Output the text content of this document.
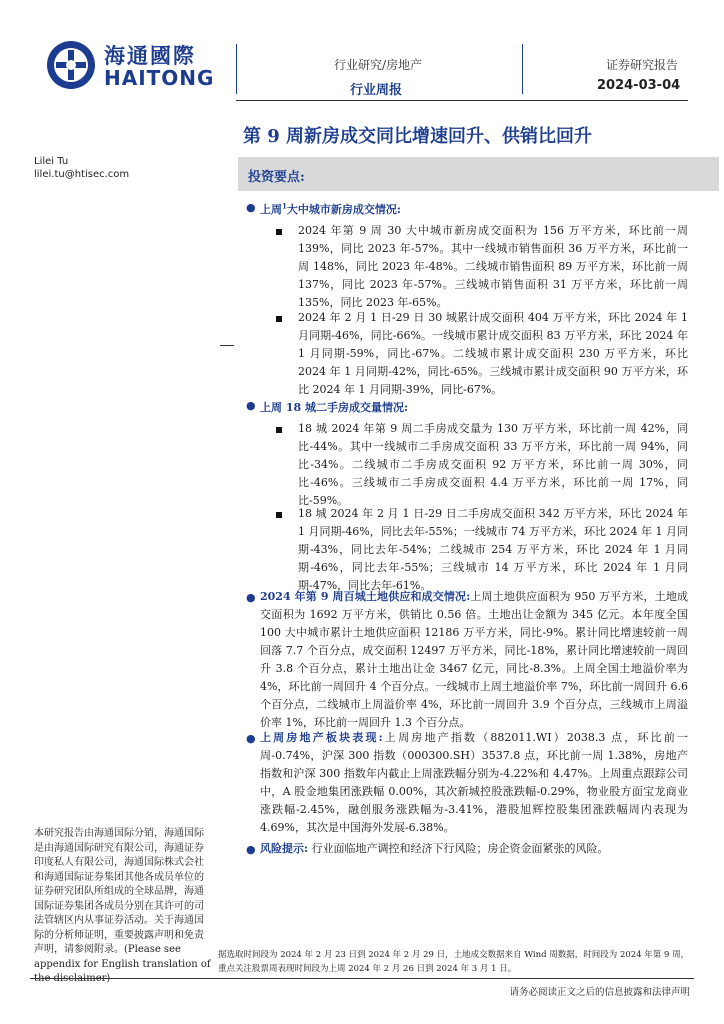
海通國際
HAITONG
行业研究/房地产
行业周报
证券研究报告
2024-03-04
第 9 周新房成交同比增速回升、供销比回升
Lilei Tu
lilei.tu@htisec.com	投资要点:
● 上周$^1$大中城市新房成交情况:
2024 年第 9 周 30 大中城市新房成交面积为 156 万平方米，环比前一周 139%，同比 2023 年-57%。其中一线城市销售面积 36 万平方米，环比前一周 148%，同比 2023 年-48%。二线城市销售面积 89 万平方米，环比前一周 137%，同比 2023 年-57%。三线城市销售面积 31 万平方米，环比前一周 135%，同比 2023 年-65%。
2024 年 2 月 1 日-29 日 30 城累计成交面积 404 万平方米，环比 2024 年 1 月同期-46%，同比-66%。一线城市累计成交面积 83 万平方米，环比 2024 年 1 月同期-59%，同比-67%。二线城市累计成交面积 230 万平方米，环比 2024 年 1 月同期-42%，同比-65%。三线城市累计成交面积 90 万平方米，环比 2024 年 1 月同期-39%，同比-67%。
● 上周 18 城二手房成交量情况:
18 城 2024 年第 9 周二手房成交量为 130 万平方米，环比前一周 42%，同比-44%。其中一线城市二手房成交面积 33 万平方米，环比前一周 94%，同比-34%。二线城市二手房成交面积 92 万平方米，环比前一周 30%，同比-46%。三线城市二手房成交面积 4.4 万平方米，环比前一周 17%，同比-59%。
18 城 2024 年 2 月 1 日-29 日二手房成交面积 342 万平方米，环比 2024 年 1 月同期-46%，同比去年-55%；一线城市 74 万平方米，环比 2024 年 1 月同期-43%，同比去年-54%；二线城市 254 万平方米，环比 2024 年 1 月同期-46%，同比去年-55%；三线城市 14 万平方米，环比 2024 年 1 月同期-47%，同比去年-61%。
● 2024 年第 9 周百城土地供应和成交情况:上周土地供应面积为 950 万平方米，土地成交面积为 1692 万平方米，供销比 0.56 倍。土地出让金额为 345 亿元。本年度全国 100 大中城市累计土地供应面积 12186 万平方米，同比-9%。累计同比增速较前一周回落 7.7 个百分点，成交面积 12497 万平方米，同比-18%，累计同比增速较前一周回升 3.8 个百分点，累计土地出让金 3467 亿元，同比-8.3%。上周全国土地溢价率为 4%，环比前一周回升 4 个百分点。一线城市上周土地溢价率 7%，环比前一周回升 6.6 个百分点，二线城市上周溢价率 4%，环比前一周回升 3.9 个百分点，三线城市上周溢价率 1%，环比前一周回升 1.3 个百分点。
● 上周房地产板块表现:上周房地产指数（882011.WI）2038.3 点，环比前一周-0.74%，沪深 300 指数（000300.SH）3537.8 点，环比前一周 1.38%，房地产指数和沪深 300 指数年内截止上周涨跌幅分别为-4.22%和 4.47%。上周重点跟踪公司中，A 股金地集团涨跌幅 0.00%，其次新城控股涨跌幅-0.29%，物业股方面宝龙商业涨跌幅-2.45%，融创服务涨跌幅为-3.41%，港股旭辉控股集团涨跌幅周内表现为 4.69%，其次是中国海外发展-6.38%。
● 风险提示: 行业面临地产调控和经济下行风险；房企资金面紧张的风险。
本研究报告由海通国际分销，海通国际是由海通国际研究有限公司，海通证券印度私人有限公司，海通国际株式会社和海通国际证券集团其他各成员单位的证券研究团队所组成的全球品牌，海通国际证券集团各成员分别在其许可的司法管辖区内从事证券活动。关于海通国际的分析师证明，重要披露声明和免责声明，请参阅附录。(Please see appendix for English translation of
据选取时间段为 2024 年 2 月 23 日到 2024 年 2 月 29 日，土地成交数据来自 Wind 周数据，时间段为 2024 年第 9 周，重点关注股票周表现时间段为上周 2024 年 2 月 26 日到 2024 年 3 月 1 日。
请务必阅读正文之后的信息披露和法律声明
